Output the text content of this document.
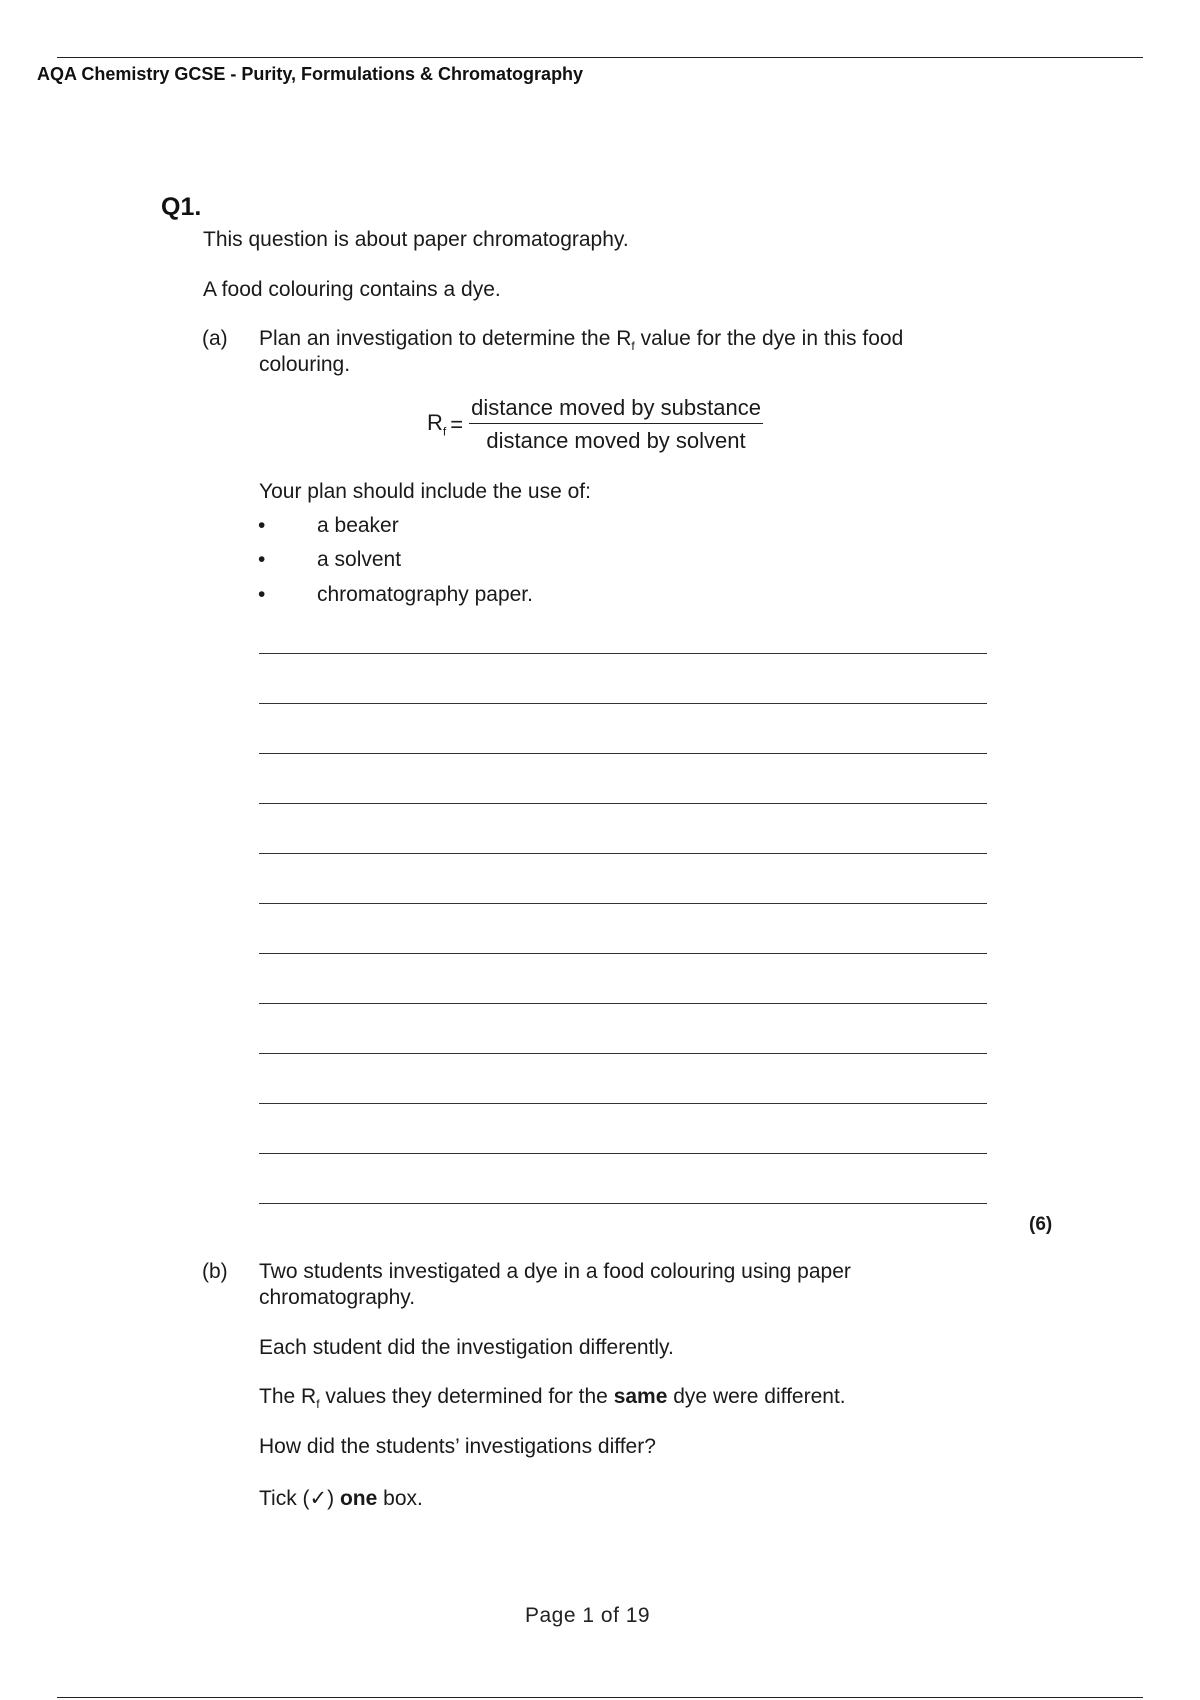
AQA Chemistry GCSE - Purity, Formulations & Chromatography
Q1.
This question is about paper chromatography.
A food colouring contains a dye.
(a) Plan an investigation to determine the $R_f$ value for the dye in this food
colouring.
$R_f = \frac{\text{distance moved by substance}}{\text{distance moved by solvent}}$
Your plan should include the use of:
• a beaker
• a solvent
• chromatography paper.
(6)
(b) Two students investigated a dye in a food colouring using paper
chromatography.
Each student did the investigation differently.
The $R_f$ values they determined for the same dye were different.
How did the students’ investigations differ?
Tick (✓) one box.
Page 1 of 19
